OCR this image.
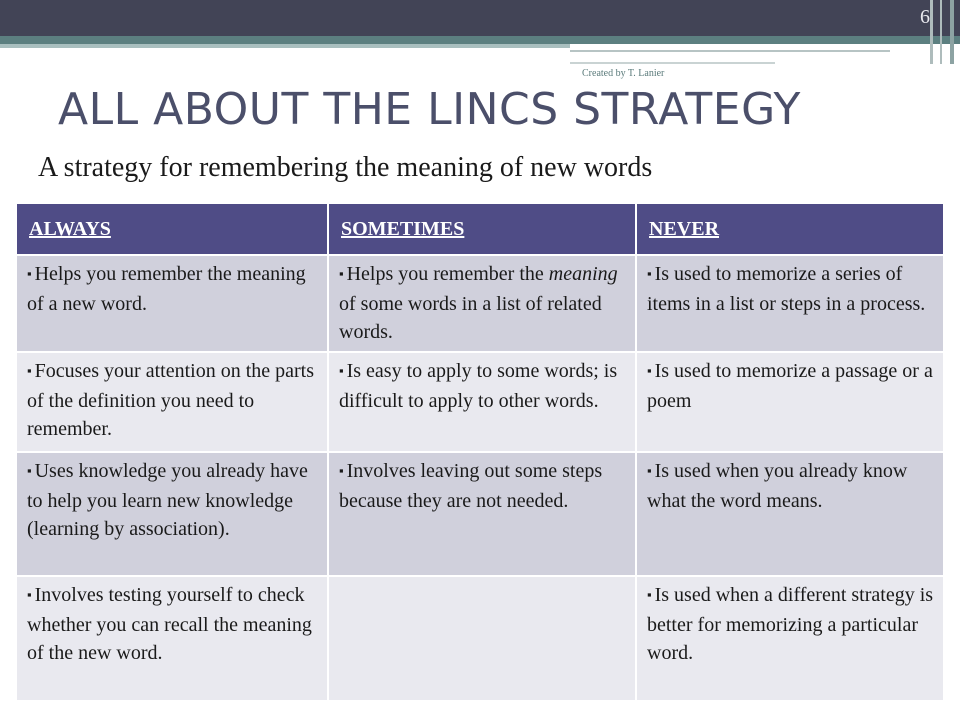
6
Created by T. Lanier
ALL ABOUT THE LINCS STRATEGY

A strategy for remembering the meaning of new words

ALWAYS	SOMETIMES	NEVER
▪ Helps you remember the meaning of a new word.	▪ Helps you remember the meaning of some words in a list of related words.	▪ Is used to memorize a series of items in a list or steps in a process.
▪ Focuses your attention on the parts of the definition you need to remember.	▪ Is easy to apply to some words; is difficult to apply to other words.	▪ Is used to memorize a passage or a poem
▪ Uses knowledge you already have to help you learn new knowledge (learning by association).	▪ Involves leaving out some steps because they are not needed.	▪ Is used when you already know what the word means.
▪ Involves testing yourself to check whether you can recall the meaning of the new word.		▪ Is used when a different strategy is better for memorizing a particular word.
